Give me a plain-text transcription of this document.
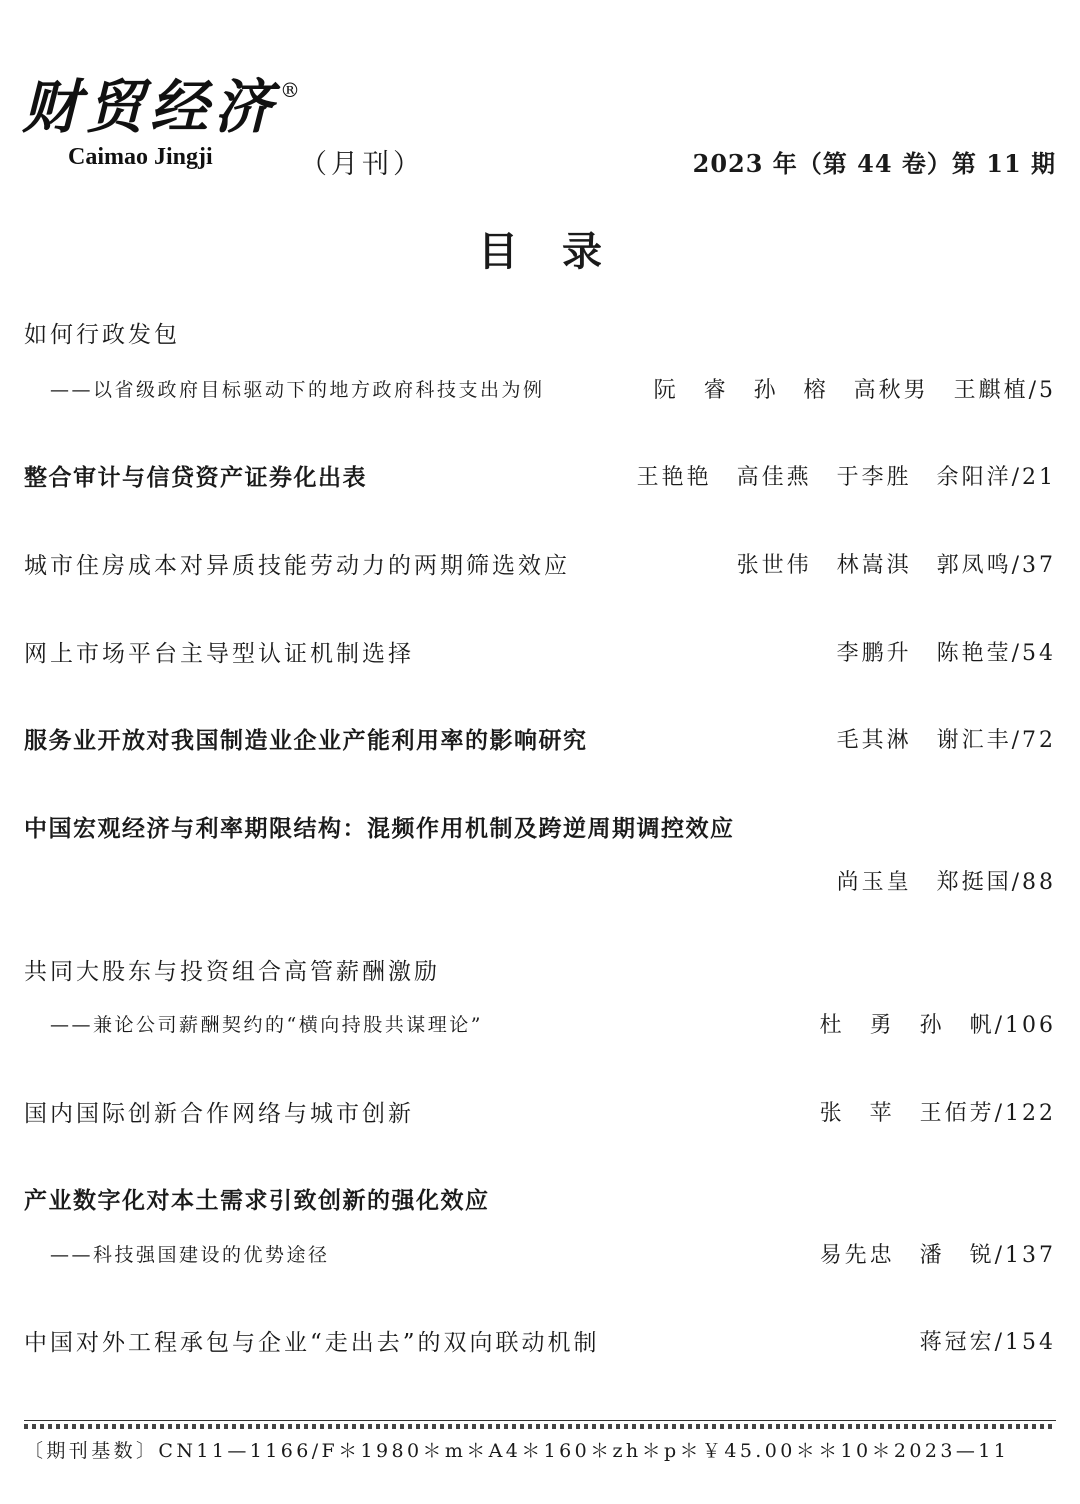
财贸经济 ®
Caimao Jingji	（月刊）	2023 年（第 44 卷）第 11 期
目录
如何行政发包
——以省级政府目标驱动下的地方政府科技支出为例	阮　睿　孙　榕　高秋男　王麒植/5
整合审计与信贷资产证券化出表	王艳艳　高佳燕　于李胜　余阳洋/21
城市住房成本对异质技能劳动力的两期筛选效应	张世伟　林嵩淇　郭凤鸣/37
网上市场平台主导型认证机制选择	李鹏升　陈艳莹/54
服务业开放对我国制造业企业产能利用率的影响研究	毛其淋　谢汇丰/72
中国宏观经济与利率期限结构：混频作用机制及跨逆周期调控效应
尚玉皇　郑挺国/88
共同大股东与投资组合高管薪酬激励
——兼论公司薪酬契约的“横向持股共谋理论”	杜　勇　孙　帆/106
国内国际创新合作网络与城市创新	张　苹　王佰芳/122
产业数字化对本土需求引致创新的强化效应
——科技强国建设的优势途径	易先忠　潘　锐/137
中国对外工程承包与企业“走出去”的双向联动机制	蒋冠宏/154
〔期刊基数〕CN11—1166/F＊1980＊m＊A4＊160＊zh＊p＊￥45.00＊＊10＊2023—11
